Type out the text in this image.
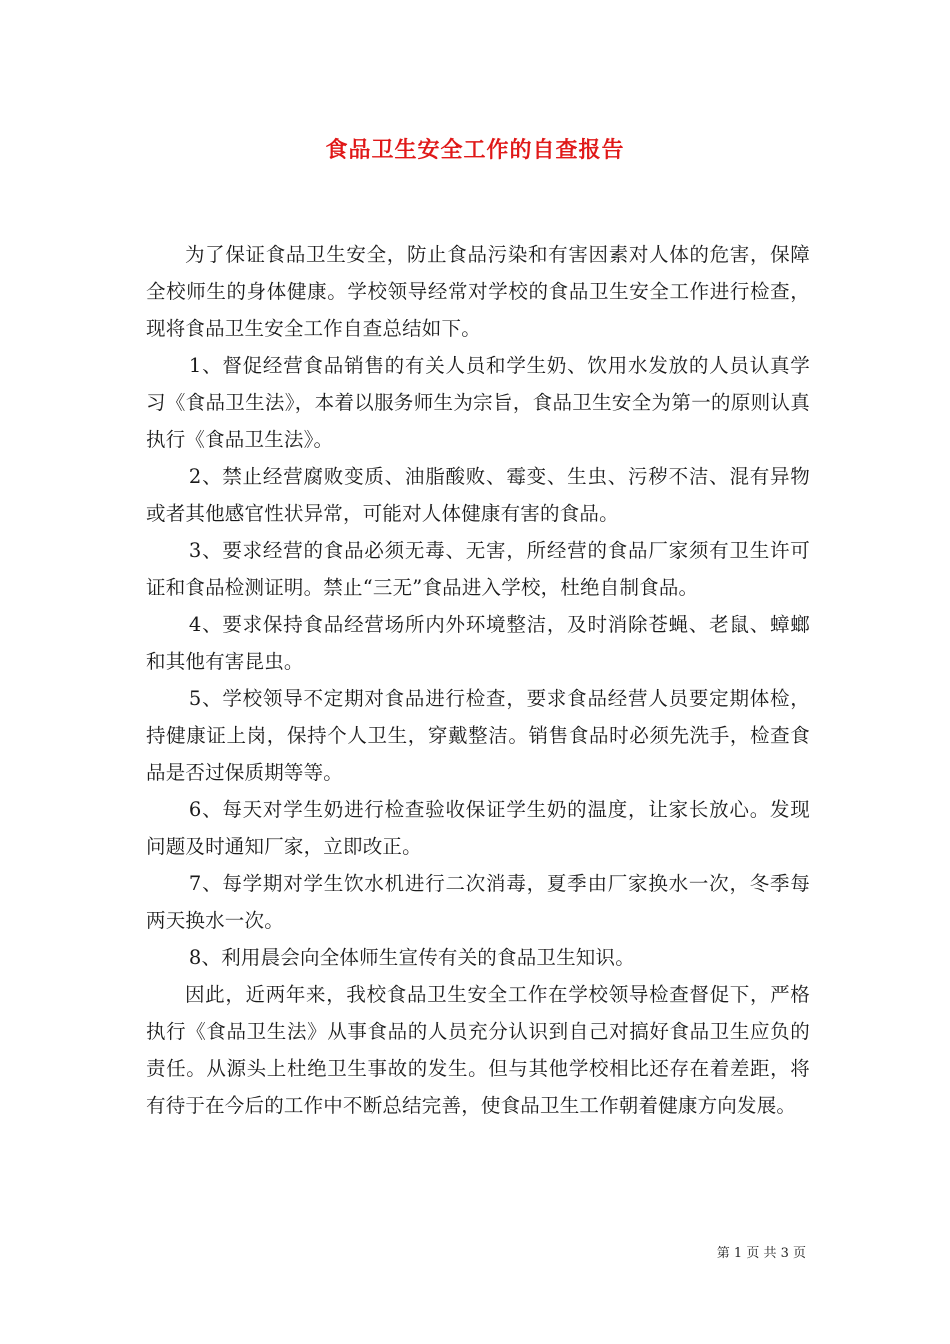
食品卫生安全工作的自查报告

为了保证食品卫生安全，防止食品污染和有害因素对人体的危害，保障全校师生的身体健康。学校领导经常对学校的食品卫生安全工作进行检查，现将食品卫生安全工作自查总结如下。

1、督促经营食品销售的有关人员和学生奶、饮用水发放的人员认真学习《食品卫生法》，本着以服务师生为宗旨，食品卫生安全为第一的原则认真执行《食品卫生法》。

2、禁止经营腐败变质、油脂酸败、霉变、生虫、污秽不洁、混有异物或者其他感官性状异常，可能对人体健康有害的食品。

3、要求经营的食品必须无毒、无害，所经营的食品厂家须有卫生许可证和食品检测证明。禁止“三无”食品进入学校，杜绝自制食品。

4、要求保持食品经营场所内外环境整洁，及时消除苍蝇、老鼠、蟑螂和其他有害昆虫。

5、学校领导不定期对食品进行检查，要求食品经营人员要定期体检，持健康证上岗，保持个人卫生，穿戴整洁。销售食品时必须先洗手，检查食品是否过保质期等等。

6、每天对学生奶进行检查验收保证学生奶的温度，让家长放心。发现问题及时通知厂家，立即改正。

7、每学期对学生饮水机进行二次消毒，夏季由厂家换水一次，冬季每两天换水一次。

8、利用晨会向全体师生宣传有关的食品卫生知识。

因此，近两年来，我校食品卫生安全工作在学校领导检查督促下，严格执行《食品卫生法》从事食品的人员充分认识到自己对搞好食品卫生应负的责任。从源头上杜绝卫生事故的发生。但与其他学校相比还存在着差距，将有待于在今后的工作中不断总结完善，使食品卫生工作朝着健康方向发展。

第 1 页 共 3 页
